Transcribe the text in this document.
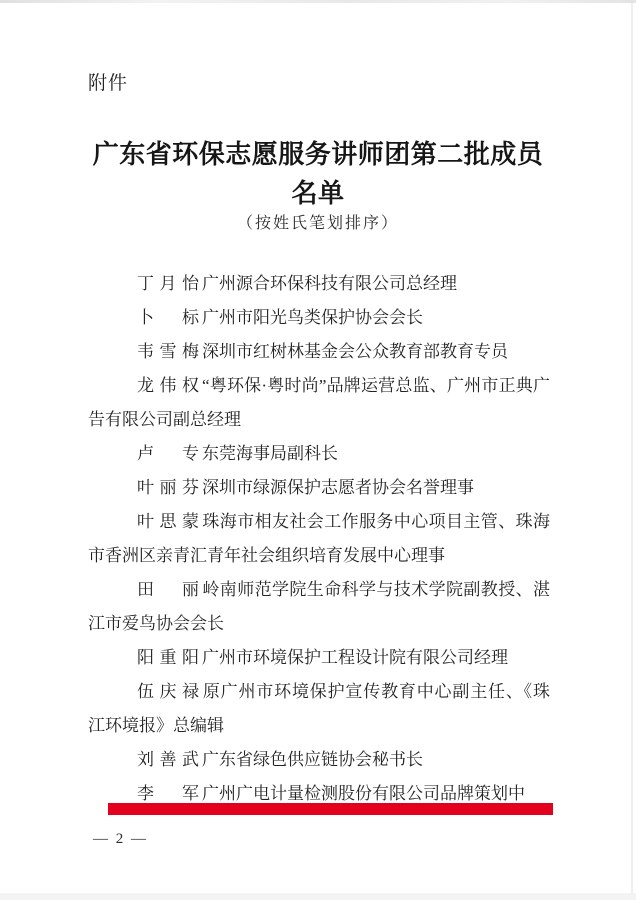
附件
广东省环保志愿服务讲师团第二批成员
名单
（按姓氏笔划排序）

丁月怡 广州源合环保科技有限公司总经理

卜　标 广州市阳光鸟类保护协会会长

韦雪梅 深圳市红树林基金会公众教育部教育专员

龙伟权 “粤环保·粤时尚”品牌运营总监、广州市正典广告有限公司副总经理

卢　专 东莞海事局副科长

叶丽芬 深圳市绿源保护志愿者协会名誉理事

叶思蒙 珠海市相友社会工作服务中心项目主管、珠海市香洲区亲青汇青年社会组织培育发展中心理事

田　丽 岭南师范学院生命科学与技术学院副教授、湛江市爱鸟协会会长

阳重阳 广州市环境保护工程设计院有限公司经理

伍庆禄 原广州市环境保护宣传教育中心副主任、《珠江环境报》总编辑

刘善武 广东省绿色供应链协会秘书长

李　军 广州广电计量检测股份有限公司品牌策划中

— 2 —
